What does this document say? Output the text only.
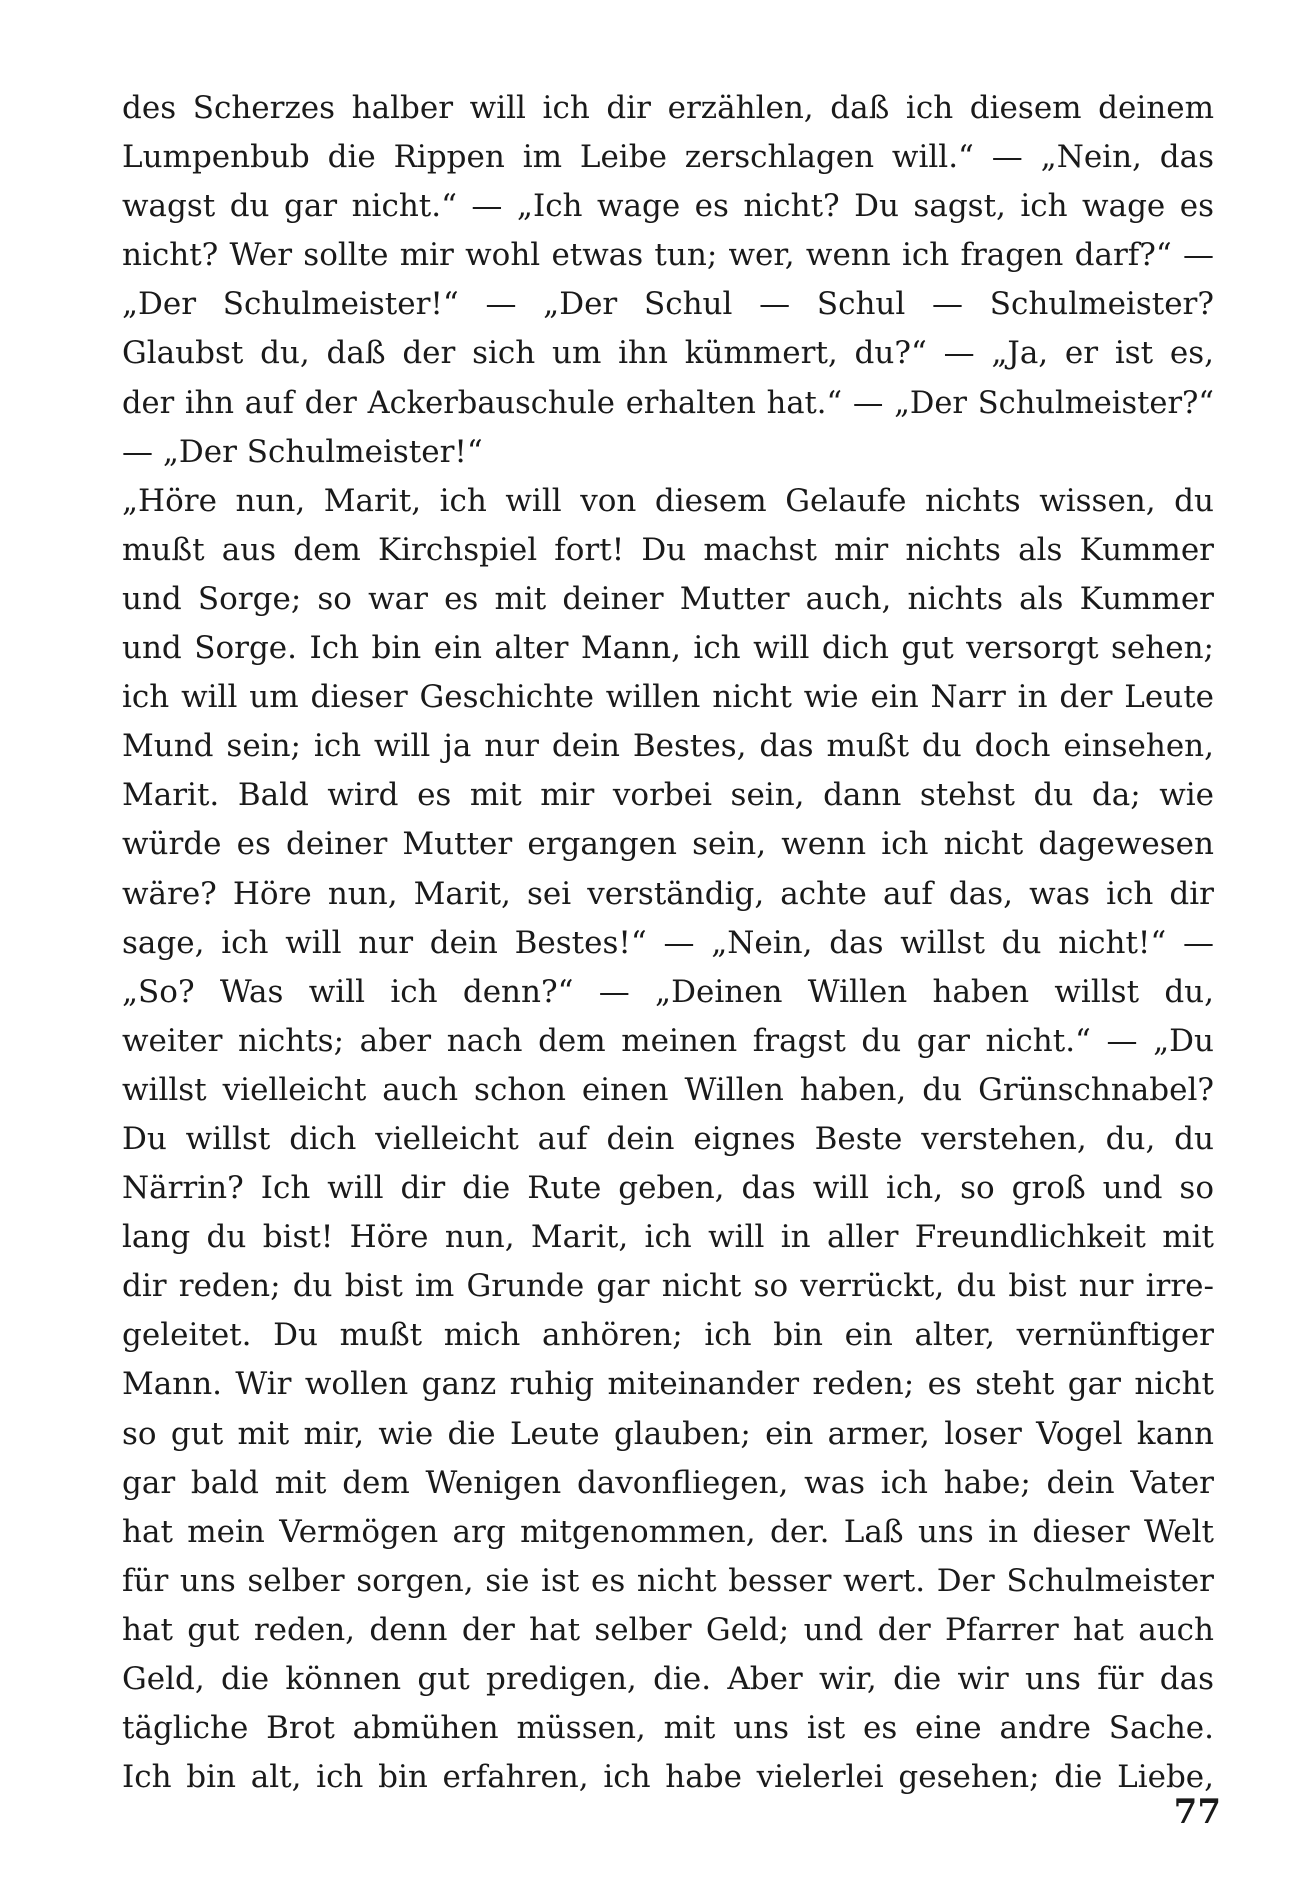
des Scherzes halber will ich dir erzählen, daß ich diesem deinem
Lumpenbub die Rippen im Leibe zerschlagen will.“ — „Nein, das
wagst du gar nicht.“ — „Ich wage es nicht? Du sagst, ich wage es
nicht? Wer sollte mir wohl etwas tun; wer, wenn ich fragen darf?“ —
„Der Schulmeister!“ — „Der Schul — Schul — Schulmeister?
Glaubst du, daß der sich um ihn kümmert, du?“ — „Ja, er ist es,
der ihn auf der Ackerbauschule erhalten hat.“ — „Der Schulmeister?“
— „Der Schulmeister!“
„Höre nun, Marit, ich will von diesem Gelaufe nichts wissen, du
mußt aus dem Kirchspiel fort! Du machst mir nichts als Kummer
und Sorge; so war es mit deiner Mutter auch, nichts als Kummer
und Sorge. Ich bin ein alter Mann, ich will dich gut versorgt sehen;
ich will um dieser Geschichte willen nicht wie ein Narr in der Leute
Mund sein; ich will ja nur dein Bestes, das mußt du doch einsehen,
Marit. Bald wird es mit mir vorbei sein, dann stehst du da; wie
würde es deiner Mutter ergangen sein, wenn ich nicht dagewesen
wäre? Höre nun, Marit, sei verständig, achte auf das, was ich dir
sage, ich will nur dein Bestes!“ — „Nein, das willst du nicht!“ —
„So? Was will ich denn?“ — „Deinen Willen haben willst du,
weiter nichts; aber nach dem meinen fragst du gar nicht.“ — „Du
willst vielleicht auch schon einen Willen haben, du Grünschnabel?
Du willst dich vielleicht auf dein eignes Beste verstehen, du, du
Närrin? Ich will dir die Rute geben, das will ich, so groß und so
lang du bist! Höre nun, Marit, ich will in aller Freundlichkeit mit
dir reden; du bist im Grunde gar nicht so verrückt, du bist nur irre-
geleitet. Du mußt mich anhören; ich bin ein alter, vernünftiger
Mann. Wir wollen ganz ruhig miteinander reden; es steht gar nicht
so gut mit mir, wie die Leute glauben; ein armer, loser Vogel kann
gar bald mit dem Wenigen davonfliegen, was ich habe; dein Vater
hat mein Vermögen arg mitgenommen, der. Laß uns in dieser Welt
für uns selber sorgen, sie ist es nicht besser wert. Der Schulmeister
hat gut reden, denn der hat selber Geld; und der Pfarrer hat auch
Geld, die können gut predigen, die. Aber wir, die wir uns für das
tägliche Brot abmühen müssen, mit uns ist es eine andre Sache.
Ich bin alt, ich bin erfahren, ich habe vielerlei gesehen; die Liebe,
77
